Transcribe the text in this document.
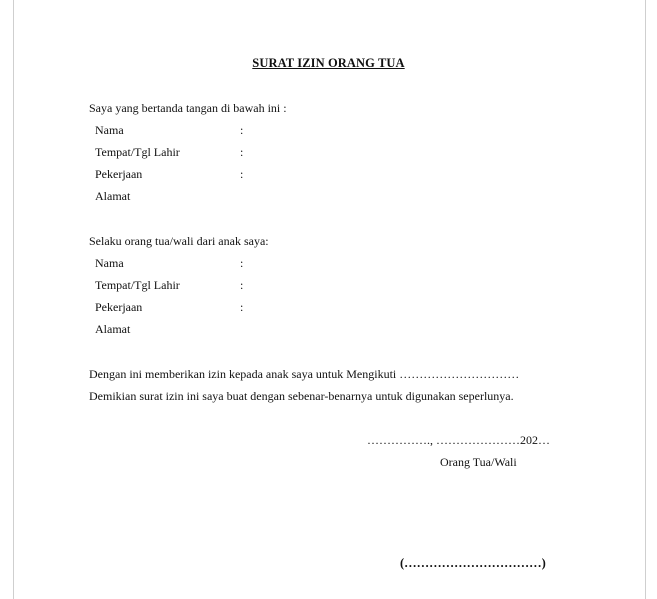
SURAT IZIN ORANG TUA
Saya yang bertanda tangan di bawah ini :
Nama	:
Tempat/Tgl Lahir	:
Pekerjaan	:
Alamat
Selaku orang tua/wali dari anak saya:
Nama	:
Tempat/Tgl Lahir	:
Pekerjaan	:
Alamat
Dengan ini memberikan izin kepada anak saya untuk Mengikuti …………………………
Demikian surat izin ini saya buat dengan sebenar-benarnya untuk digunakan seperlunya.
……………., …………………202…
Orang Tua/Wali
(……………………………)
